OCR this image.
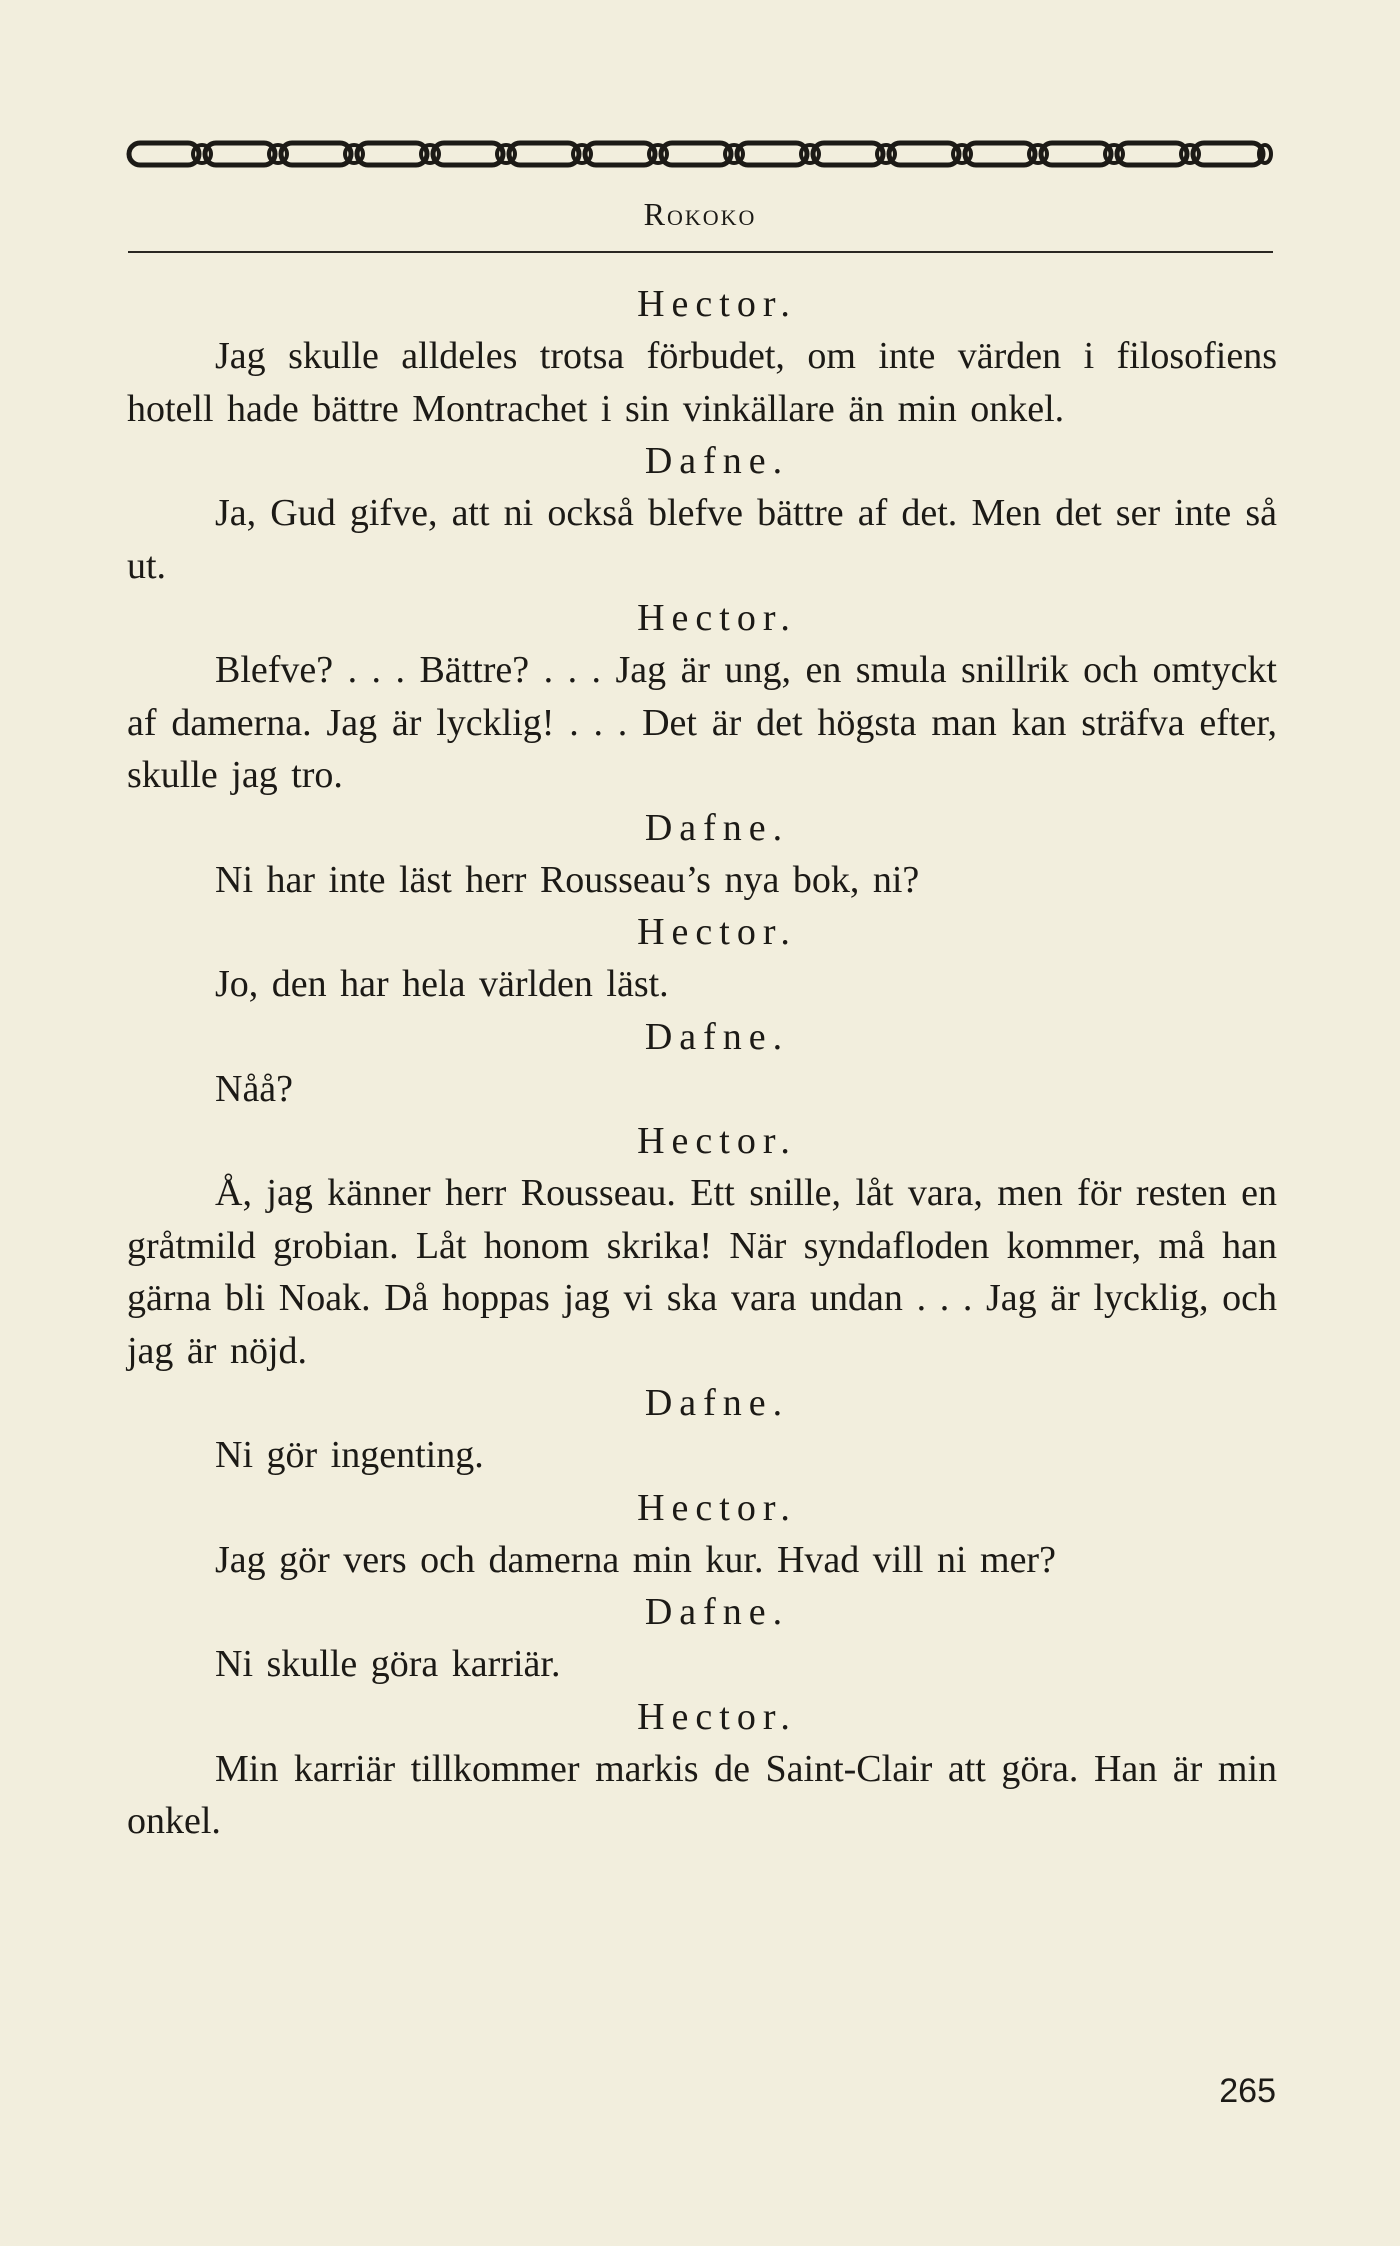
Rokoko

Hector.

Jag skulle alldeles trotsa förbudet, om inte värden i filosofiens hotell hade bättre Montrachet i sin vinkällare än min onkel.

Dafne.

Ja, Gud gifve, att ni också blefve bättre af det. Men det ser inte så ut.

Hector.

Blefve? . . . Bättre? . . . Jag är ung, en smula snillrik och omtyckt af damerna. Jag är lycklig! . . . Det är det högsta man kan sträfva efter, skulle jag tro.

Dafne.

Ni har inte läst herr Rousseau’s nya bok, ni?

Hector.

Jo, den har hela världen läst.

Dafne.

Nåå?

Hector.

Å, jag känner herr Rousseau. Ett snille, låt vara, men för resten en gråtmild grobian. Låt honom skrika! När syndafloden kommer, må han gärna bli Noak. Då hoppas jag vi ska vara undan . . . Jag är lycklig, och jag är nöjd.

Dafne.

Ni gör ingenting.

Hector.

Jag gör vers och damerna min kur. Hvad vill ni mer?

Dafne.

Ni skulle göra karriär.

Hector.

Min karriär tillkommer markis de Saint-Clair att göra. Han är min onkel.

265
